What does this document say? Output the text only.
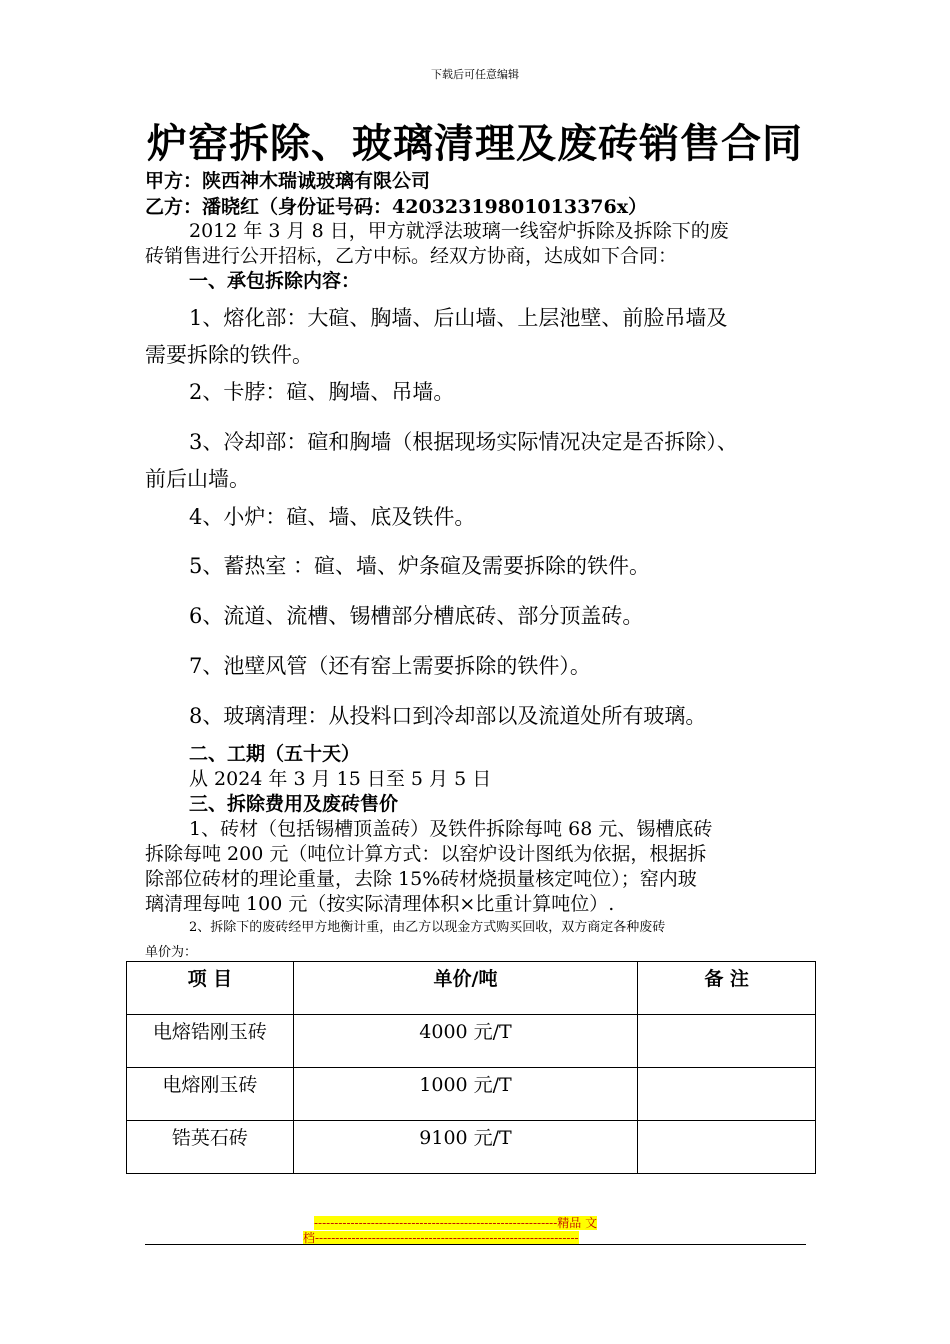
下载后可任意编辑
炉窑拆除、玻璃清理及废砖销售合同
甲方：陕西神木瑞诚玻璃有限公司
乙方：潘晓红（身份证号码：42032319801013376x）
2012 年 3 月 8 日，甲方就浮法玻璃一线窑炉拆除及拆除下的废
砖销售进行公开招标，乙方中标。经双方协商，达成如下合同：
一、承包拆除内容：
1、熔化部：大碹、胸墙、后山墙、上层池壁、前脸吊墙及
需要拆除的铁件。
2、卡脖：碹、胸墙、吊墙。
3、冷却部：碹和胸墙（根据现场实际情况决定是否拆除）、
前后山墙。
4、小炉：碹、墙、底及铁件。
5、蓄热室 ：碹、墙、炉条碹及需要拆除的铁件。
6、流道、流槽、锡槽部分槽底砖、部分顶盖砖。
7、池壁风管（还有窑上需要拆除的铁件）。
8、玻璃清理：从投料口到冷却部以及流道处所有玻璃。
二、工期（五十天）
从 2024 年 3 月 15 日至 5 月 5 日
三、拆除费用及废砖售价
1、砖材（包括锡槽顶盖砖）及铁件拆除每吨 68 元、锡槽底砖
拆除每吨 200 元（吨位计算方式：以窑炉设计图纸为依据，根据拆
除部位砖材的理论重量，去除 15%砖材烧损量核定吨位）；窑内玻
璃清理每吨 100 元（按实际清理体积×比重计算吨位）.
2、拆除下的废砖经甲方地衡计重，由乙方以现金方式购买回收，双方商定各种废砖
单价为：
项 目	单价/吨	备 注
电熔锆刚玉砖	4000 元/T	
电熔刚玉砖	1000 元/T	
锆英石砖	9100 元/T	
------------------------------------------------------------精品 文
档-----------------------------------------------------------------
